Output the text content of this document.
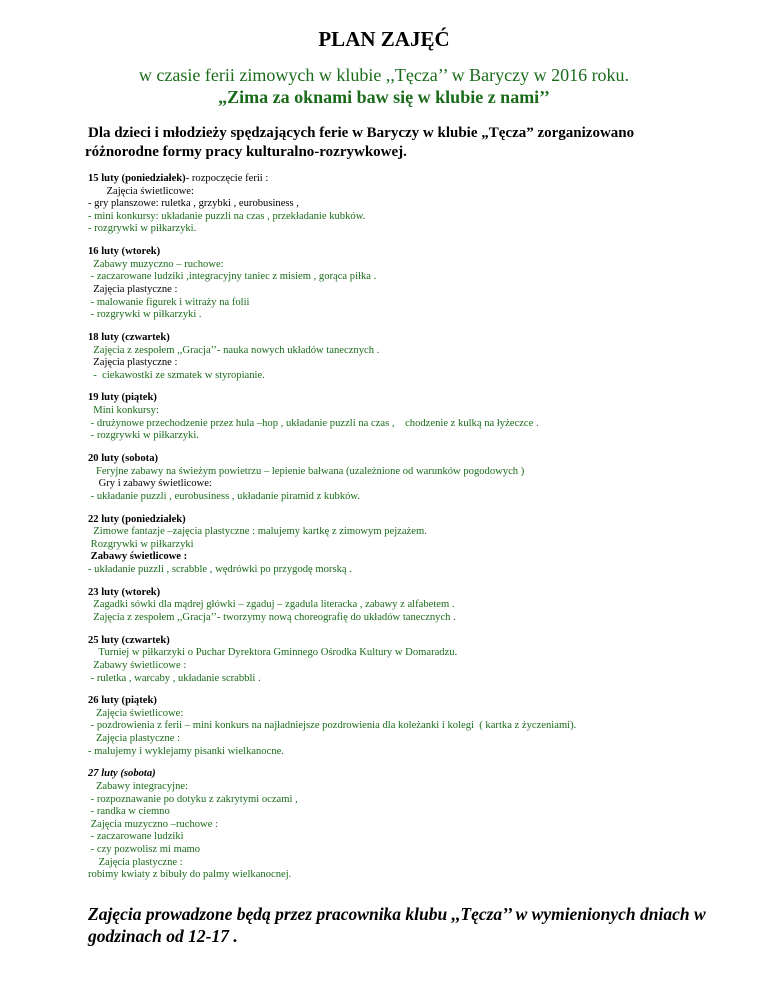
PLAN ZAJĘĆ
w czasie ferii zimowych w klubie ,,Tęcza’’ w Baryczy w 2016 roku.
„Zima za oknami baw się w klubie z nami’’
Dla dzieci i młodzieży spędzających ferie w Baryczy w klubie „Tęcza” zorganizowano
różnorodne formy pracy kulturalno-rozrywkowej.
15 luty (poniedziałek)- rozpoczęcie ferii :
Zajęcia świetlicowe:
- gry planszowe: ruletka , grzybki , eurobusiness ,
- mini konkursy: układanie puzzli na czas , przekładanie kubków.
- rozgrywki w piłkarzyki.
16 luty (wtorek)
Zabawy muzyczno – ruchowe:
- zaczarowane ludziki ,integracyjny taniec z misiem , gorąca piłka .
Zajęcia plastyczne :
- malowanie figurek i witraży na folii
- rozgrywki w piłkarzyki .
18 luty (czwartek)
Zajęcia z zespołem ,,Gracja’’- nauka nowych układów tanecznych .
Zajęcia plastyczne :
-  ciekawostki ze szmatek w styropianie.
19 luty (piątek)
Mini konkursy:
- drużynowe przechodzenie przez hula –hop , układanie puzzli na czas ,    chodzenie z kulką na łyżeczce .
- rozgrywki w piłkarzyki.
20 luty (sobota)
Feryjne zabawy na świeżym powietrzu – lepienie bałwana (uzależnione od warunków pogodowych )
Gry i zabawy świetlicowe:
- układanie puzzli , eurobusiness , układanie piramid z kubków.
22 luty (poniedziałek)
Zimowe fantazje –zajęcia plastyczne : malujemy kartkę z zimowym pejzażem.
Rozgrywki w piłkarzyki
Zabawy świetlicowe :
- układanie puzzli , scrabble , wędrówki po przygodę morską .
23 luty (wtorek)
Zagadki sówki dla mądrej główki – zgaduj – zgadula literacka , zabawy z alfabetem .
Zajęcia z zespołem ,,Gracja’’- tworzymy nową choreografię do układów tanecznych .
25 luty (czwartek)
Turniej w piłkarzyki o Puchar Dyrektora Gminnego Ośrodka Kultury w Domaradzu.
Zabawy świetlicowe :
- ruletka , warcaby , układanie scrabbli .
26 luty (piątek)
Zajęcia świetlicowe:
- pozdrowienia z ferii – mini konkurs na najładniejsze pozdrowienia dla koleżanki i kolegi  ( kartka z życzeniami).
Zajęcia plastyczne :
- malujemy i wyklejamy pisanki wielkanocne.
27 luty (sobota)
Zabawy integracyjne:
- rozpoznawanie po dotyku z zakrytymi oczami ,
- randka w ciemno
Zajęcia muzyczno –ruchowe :
- zaczarowane ludziki
- czy pozwolisz mi mamo
Zajęcia plastyczne :
robimy kwiaty z bibuły do palmy wielkanocnej.
Zajęcia prowadzone będą przez pracownika klubu ,,Tęcza’’ w wymienionych dniach w godzinach od 12-17 .
